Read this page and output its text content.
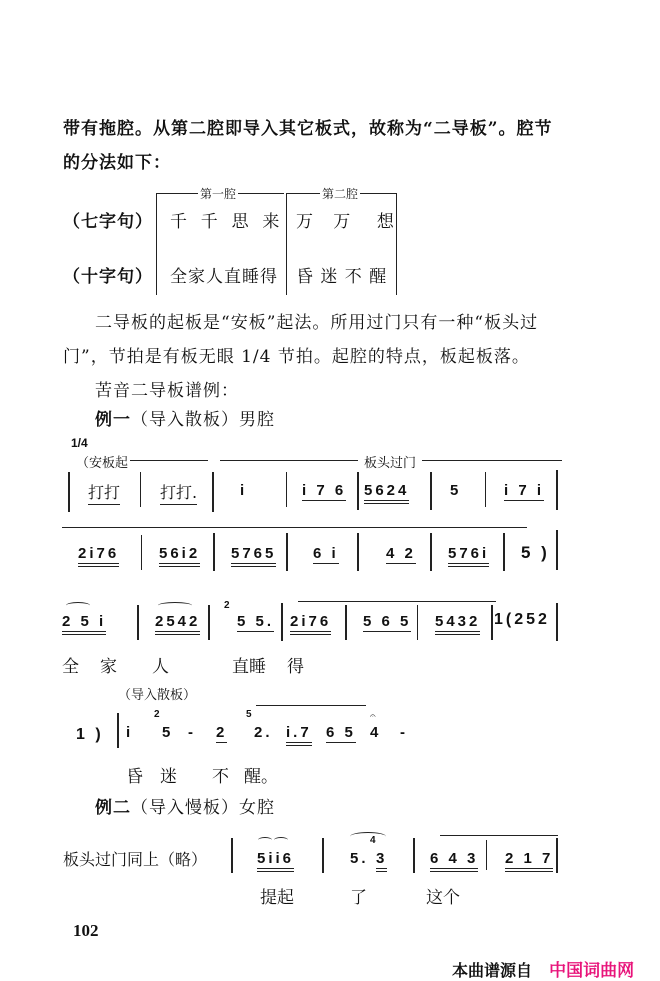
带有拖腔。从第二腔即导入其它板式，故称为“二导板”。腔节
的分法如下：
第一腔	第二腔
（七字句） 千  千  思  来 万   万    想
（十字句） 全家人直睡得 昏 迷 不 醒
二导板的起板是“安板”起法。所用过门只有一种“板头过
门”，节拍是有板无眼 1/4 节拍。起腔的特点，板起板落。
苦音二导板谱例：
例一（导入散板）男腔
1/4
（安板起	板头过门
打打 打打.	i	i 7 6 5624	5	i 7 i
2i76	56i2 5765 6 i	4 2 576i 5 )
2 5 i	2542
2
5 5. 2i76 5 6 5 5432 1(252
全 家 人	直睡 得
（导入散板）
1 ) i
2
5 - 2
5
2. i.7 6 5 4
𝄐
-
昏 迷 不 醒。
例二（导入慢板）女腔
板头过门同上（略）	5ii6	5.
4
3	6 4 3 2 1 7
提起	了	这个
102
本曲谱源自 中国词曲网
